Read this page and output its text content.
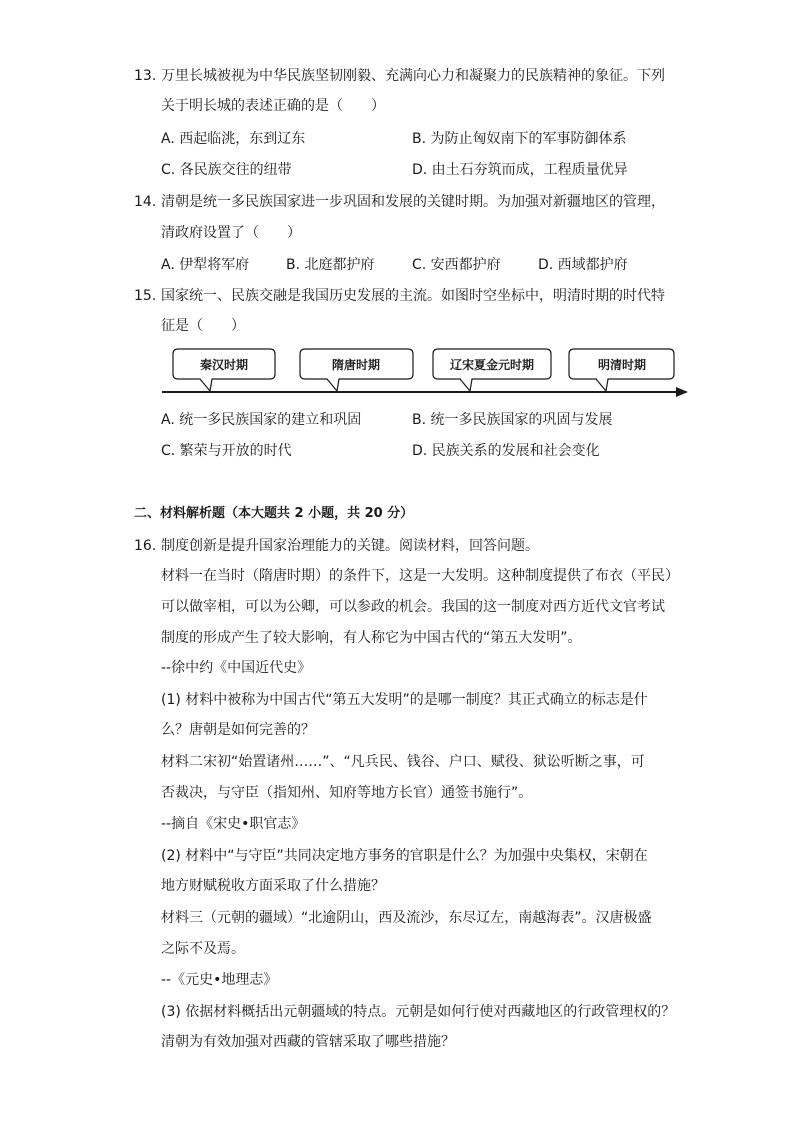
13. 万里长城被视为中华民族坚韧刚毅、充满向心力和凝聚力的民族精神的象征。下列
关于明长城的表述正确的是（　　）
A. 西起临洮，东到辽东	B. 为防止匈奴南下的军事防御体系
C. 各民族交往的纽带	D. 由土石夯筑而成，工程质量优异
14. 清朝是统一多民族国家进一步巩固和发展的关键时期。为加强对新疆地区的管理，
清政府设置了（　　）
A. 伊犁将军府	B. 北庭都护府	C. 安西都护府	D. 西域都护府
15. 国家统一、民族交融是我国历史发展的主流。如图时空坐标中，明清时期的时代特
征是（　　）
秦汉时期	隋唐时期	辽宋夏金元时期	明清时期
A. 统一多民族国家的建立和巩固	B. 统一多民族国家的巩固与发展
C. 繁荣与开放的时代	D. 民族关系的发展和社会变化
二、材料解析题（本大题共 2 小题，共 20 分）
16. 制度创新是提升国家治理能力的关键。阅读材料，回答问题。
材料一在当时（隋唐时期）的条件下，这是一大发明。这种制度提供了布衣（平民）
可以做宰相，可以为公卿，可以参政的机会。我国的这一制度对西方近代文官考试
制度的形成产生了较大影响，有人称它为中国古代的“第五大发明”。
--徐中约《中国近代史》
(1) 材料中被称为中国古代“第五大发明”的是哪一制度？其正式确立的标志是什
么？唐朝是如何完善的？
材料二宋初“始置诸州……”、“凡兵民、钱谷、户口、赋役、狱讼听断之事，可
否裁决，与守臣（指知州、知府等地方长官）通签书施行”。
--摘自《宋史•职官志》
(2) 材料中“与守臣”共同决定地方事务的官职是什么？为加强中央集权，宋朝在
地方财赋税收方面采取了什么措施？
材料三（元朝的疆域）“北逾阴山，西及流沙，东尽辽左，南越海表”。汉唐极盛
之际不及焉。
--《元史•地理志》
(3) 依据材料概括出元朝疆域的特点。元朝是如何行使对西藏地区的行政管理权的？
清朝为有效加强对西藏的管辖采取了哪些措施？
